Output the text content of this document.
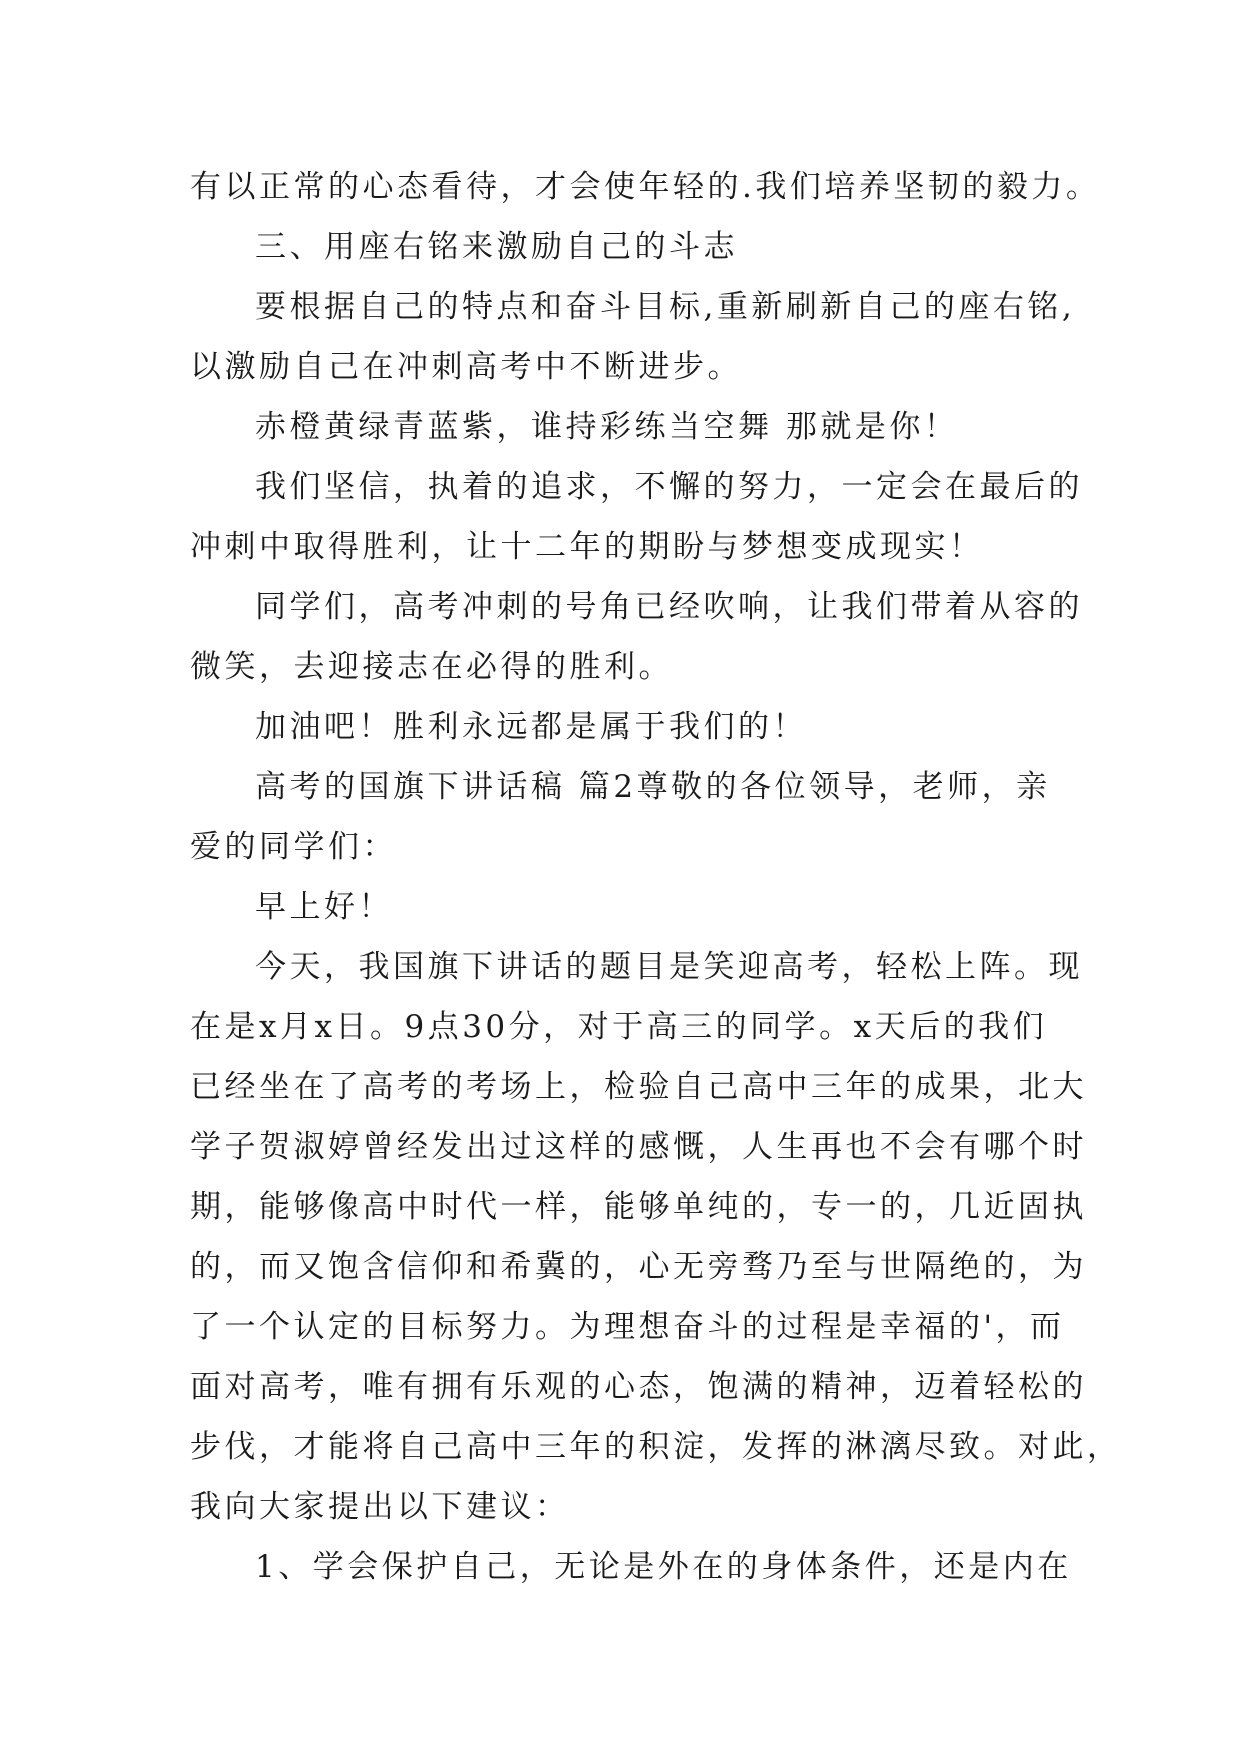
有以正常的心态看待，才会使年轻的.我们培养坚韧的毅力。
三、用座右铭来激励自己的斗志
要根据自己的特点和奋斗目标,重新刷新自己的座右铭,
以激励自己在冲刺高考中不断进步。
赤橙黄绿青蓝紫，谁持彩练当空舞 那就是你！
我们坚信，执着的追求，不懈的努力，一定会在最后的
冲刺中取得胜利，让十二年的期盼与梦想变成现实！
同学们，高考冲刺的号角已经吹响，让我们带着从容的
微笑，去迎接志在必得的胜利。
加油吧！胜利永远都是属于我们的！
高考的国旗下讲话稿 篇2尊敬的各位领导，老师，亲
爱的同学们：
早上好！
今天，我国旗下讲话的题目是笑迎高考，轻松上阵。现
在是x月x日。9点30分，对于高三的同学。x天后的我们
已经坐在了高考的考场上，检验自己高中三年的成果，北大
学子贺淑婷曾经发出过这样的感慨，人生再也不会有哪个时
期，能够像高中时代一样，能够单纯的，专一的，几近固执
的，而又饱含信仰和希冀的，心无旁骛乃至与世隔绝的，为
了一个认定的目标努力。为理想奋斗的过程是幸福的'，而
面对高考，唯有拥有乐观的心态，饱满的精神，迈着轻松的
步伐，才能将自己高中三年的积淀，发挥的淋漓尽致。对此，
我向大家提出以下建议：
1、学会保护自己，无论是外在的身体条件，还是内在
